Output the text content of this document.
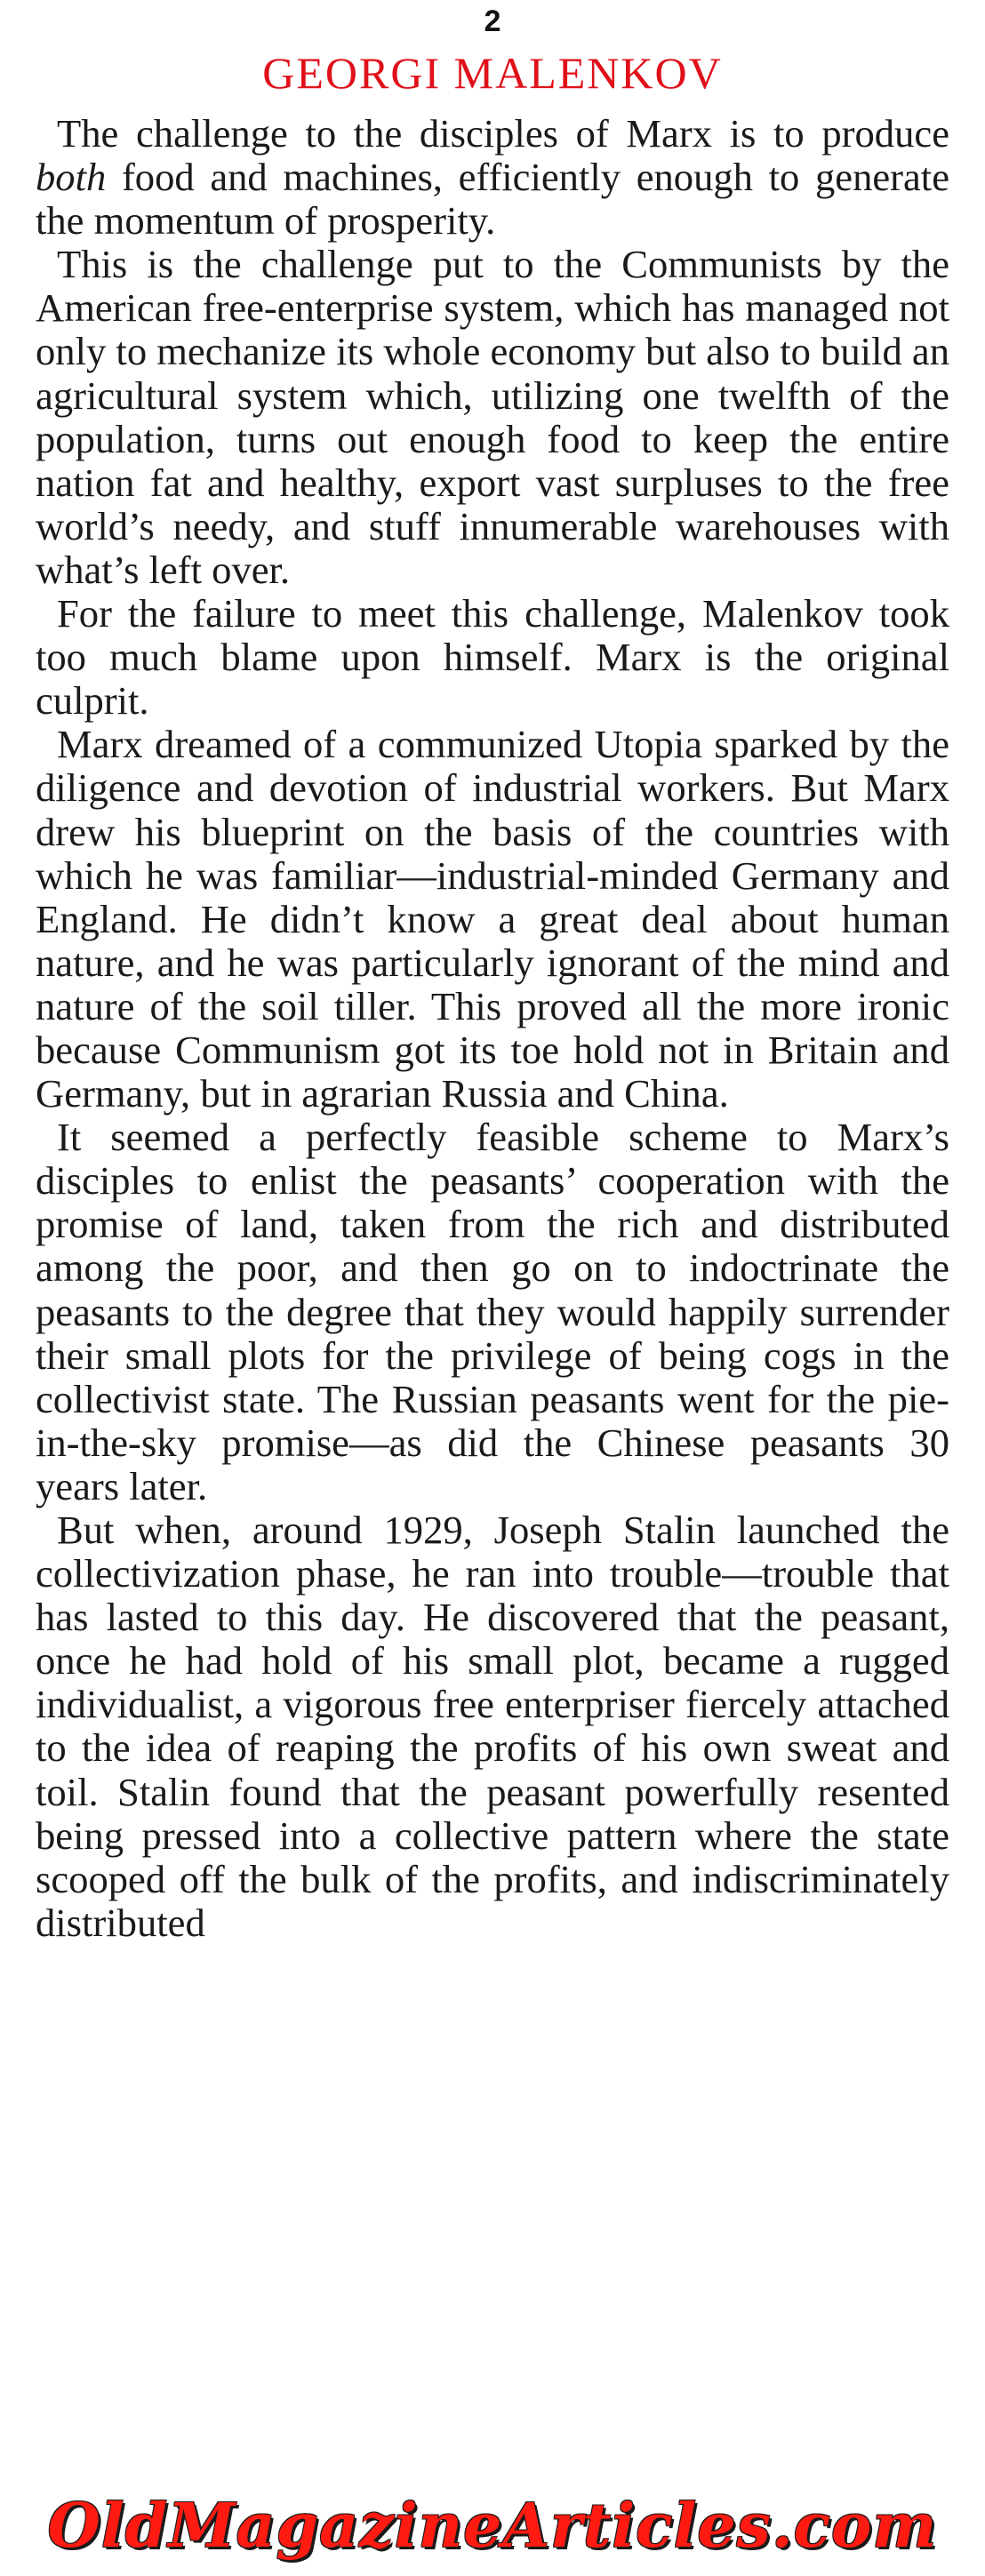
2
GEORGI MALENKOV

The challenge to the disciples of Marx is to produce both food and machines, efficiently enough to generate the momentum of prosperity.

This is the challenge put to the Communists by the American free-enterprise system, which has managed not only to mechanize its whole economy but also to build an agricultural system which, utilizing one twelfth of the population, turns out enough food to keep the entire nation fat and healthy, export vast surpluses to the free world’s needy, and stuff innumerable warehouses with what’s left over.

For the failure to meet this challenge, Malenkov took too much blame upon himself. Marx is the original culprit.

Marx dreamed of a communized Utopia sparked by the diligence and devotion of industrial workers. But Marx drew his blueprint on the basis of the countries with which he was familiar—industrial-minded Germany and England. He didn’t know a great deal about human nature, and he was particularly ignorant of the mind and nature of the soil tiller. This proved all the more ironic because Communism got its toe hold not in Britain and Germany, but in agrarian Russia and China.

It seemed a perfectly feasible scheme to Marx’s disciples to enlist the peasants’ cooperation with the promise of land, taken from the rich and distributed among the poor, and then go on to indoctrinate the peasants to the degree that they would happily surrender their small plots for the privilege of being cogs in the collectivist state. The Russian peasants went for the pie-in-the-sky promise—as did the Chinese peasants 30 years later.

But when, around 1929, Joseph Stalin launched the collectivization phase, he ran into trouble—trouble that has lasted to this day. He discovered that the peasant, once he had hold of his small plot, became a rugged individualist, a vigorous free enterpriser fiercely attached to the idea of reaping the profits of his own sweat and toil. Stalin found that the peasant powerfully resented being pressed into a collective pattern where the state scooped off the bulk of the profits, and indiscriminately distributed

OldMagazineArticles.com
